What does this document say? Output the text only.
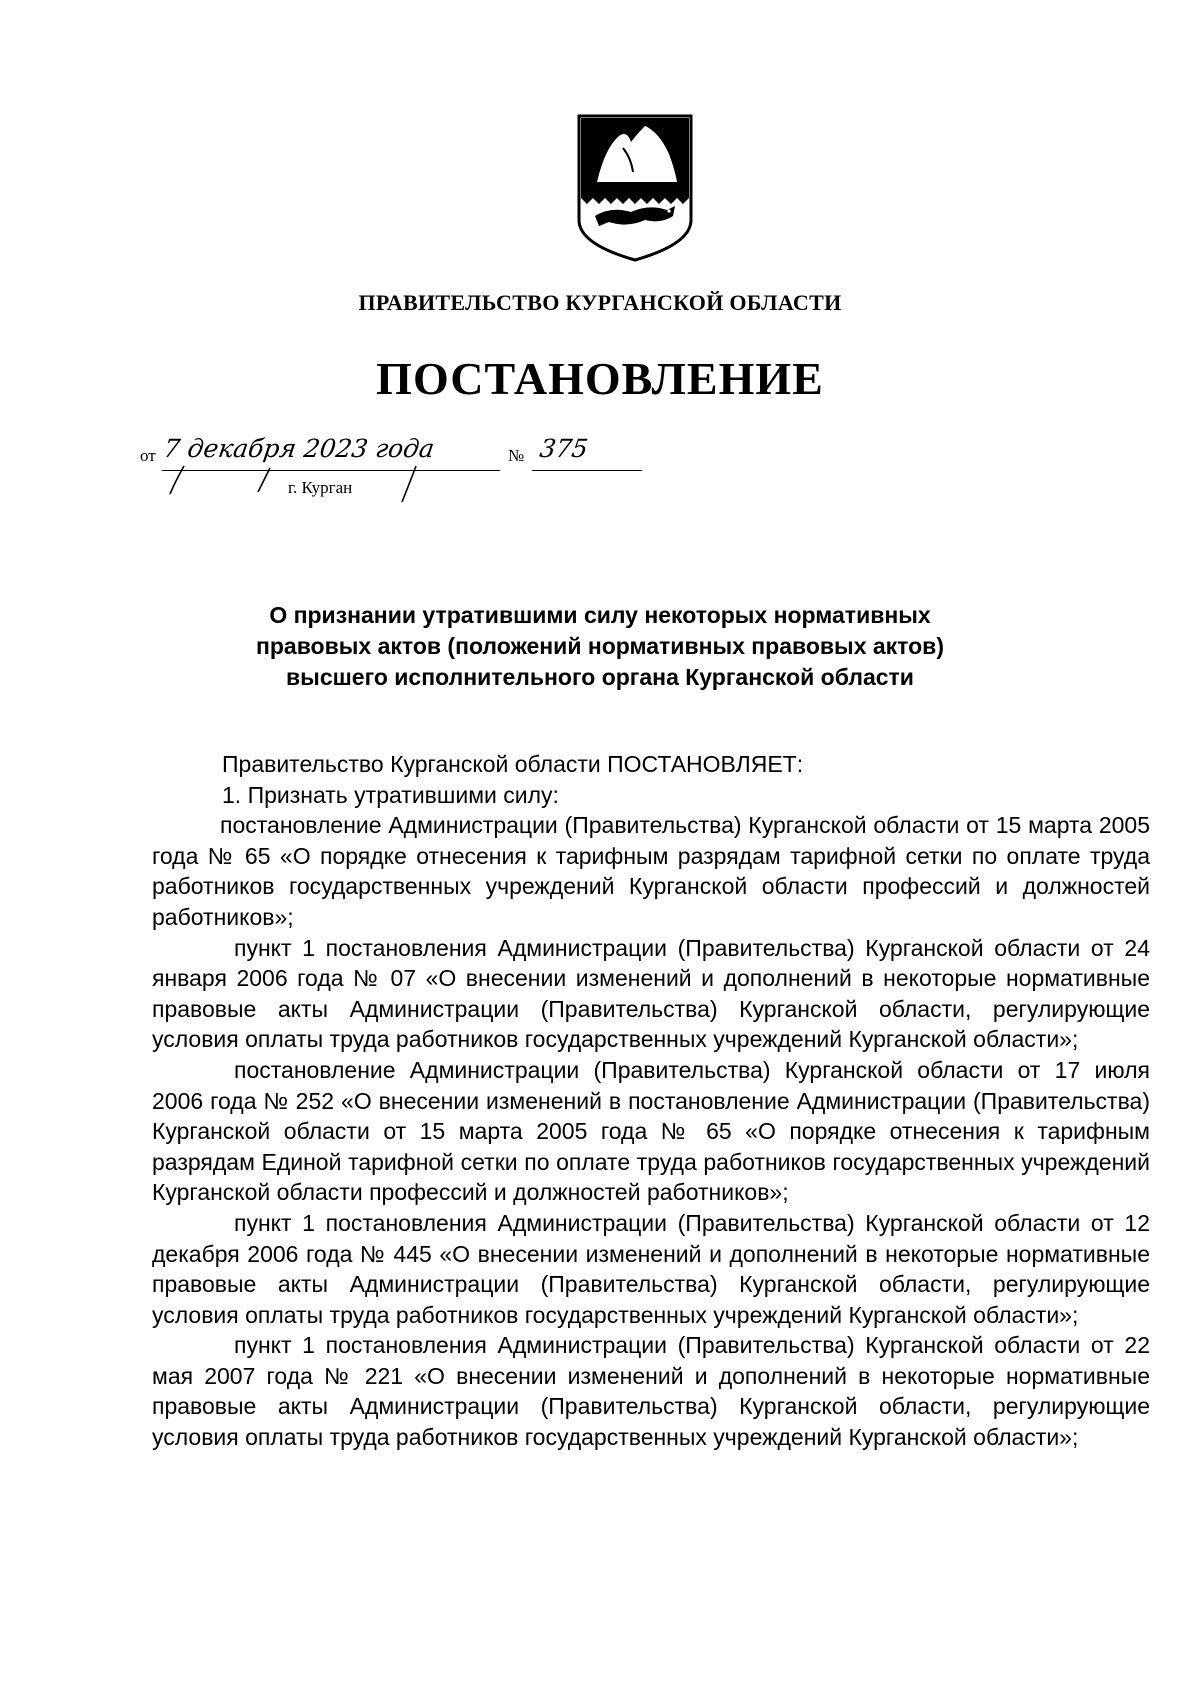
ПРАВИТЕЛЬСТВО КУРГАНСКОЙ ОБЛАСТИ
ПОСТАНОВЛЕНИЕ
от 7 декабря 2023 года	№ 375
г. Курган
О признании утратившими силу некоторых нормативных
правовых актов (положений нормативных правовых актов)
высшего исполнительного органа Курганской области

Правительство Курганской области ПОСТАНОВЛЯЕТ:

1. Признать утратившими силу:

постановление Администрации (Правительства) Курганской области от 15 марта 2005 года № 65 «О порядке отнесения к тарифным разрядам тарифной сетки по оплате труда работников государственных учреждений Курганской области профессий и должностей работников»;

пункт 1 постановления Администрации (Правительства) Курганской области от 24 января 2006 года № 07 «О внесении изменений и дополнений в некоторые нормативные правовые акты Администрации (Правительства) Курганской области, регулирующие условия оплаты труда работников государственных учреждений Курганской области»;

постановление Администрации (Правительства) Курганской области от 17 июля 2006 года № 252 «О внесении изменений в постановление Администрации (Правительства) Курганской области от 15 марта 2005 года № 65 «О порядке отнесения к тарифным разрядам Единой тарифной сетки по оплате труда работников государственных учреждений Курганской области профессий и должностей работников»;

пункт 1 постановления Администрации (Правительства) Курганской области от 12 декабря 2006 года № 445 «О внесении изменений и дополнений в некоторые нормативные правовые акты Администрации (Правительства) Курганской области, регулирующие условия оплаты труда работников государственных учреждений Курганской области»;

пункт 1 постановления Администрации (Правительства) Курганской области от 22 мая 2007 года № 221 «О внесении изменений и дополнений в некоторые нормативные правовые акты Администрации (Правительства) Курганской области, регулирующие условия оплаты труда работников государственных учреждений Курганской области»;
